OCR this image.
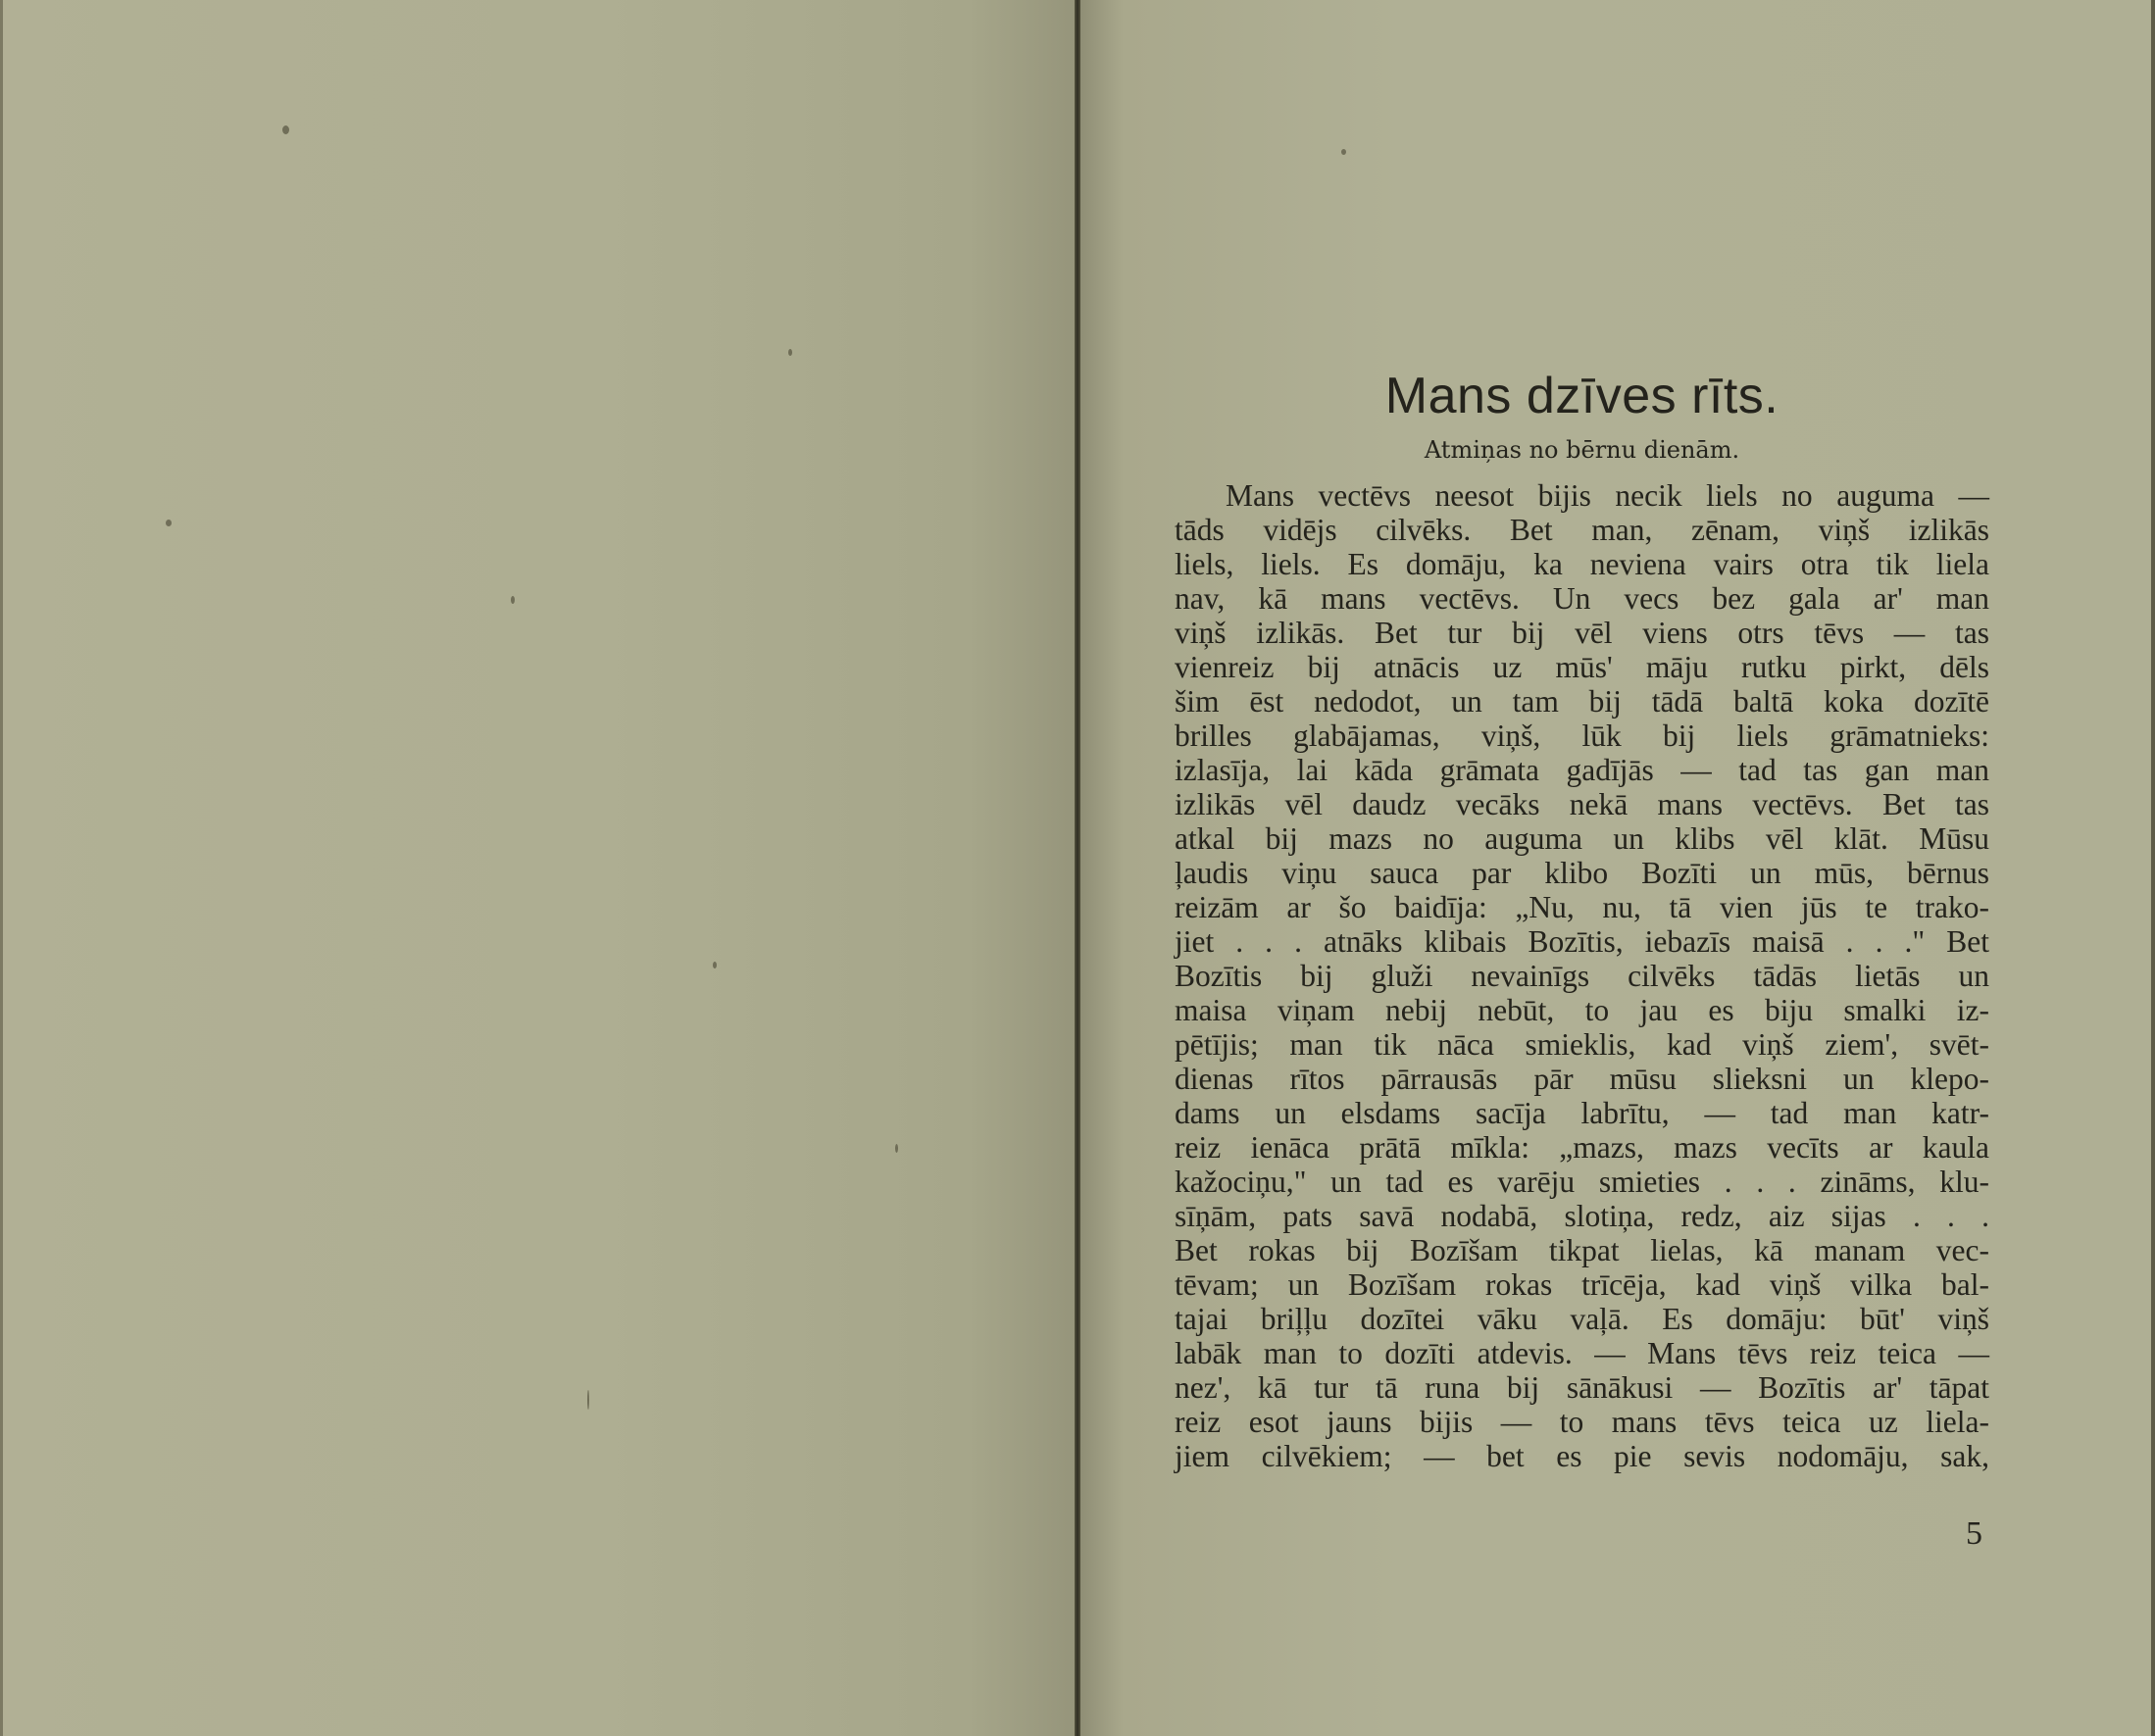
Mans dzīves rīts.
Atmiņas no bērnu dienām.
Mans vectēvs neesot bijis necik liels no auguma —
tāds vidējs cilvēks. Bet man, zēnam, viņš izlikās
liels, liels. Es domāju, ka neviena vairs otra tik liela
nav, kā mans vectēvs. Un vecs bez gala ar' man
viņš izlikās. Bet tur bij vēl viens otrs tēvs — tas
vienreiz bij atnācis uz mūs' māju rutku pirkt, dēls
šim ēst nedodot, un tam bij tādā baltā koka dozītē
brilles glabājamas, viņš, lūk bij liels grāmatnieks:
izlasīja, lai kāda grāmata gadījās — tad tas gan man
izlikās vēl daudz vecāks nekā mans vectēvs. Bet tas
atkal bij mazs no auguma un klibs vēl klāt. Mūsu
ļaudis viņu sauca par klibo Bozīti un mūs, bērnus
reizām ar šo baidīja: „Nu, nu, tā vien jūs te trako-
jiet . . . atnāks klibais Bozītis, iebazīs maisā . . ." Bet
Bozītis bij gluži nevainīgs cilvēks tādās lietās un
maisa viņam nebij nebūt, to jau es biju smalki iz-
pētījis; man tik nāca smieklis, kad viņš ziem', svēt-
dienas rītos pārrausās pār mūsu slieksni un klepo-
dams un elsdams sacīja labrītu, — tad man katr-
reiz ienāca prātā mīkla: „mazs, mazs vecīts ar kaula
kažociņu," un tad es varēju smieties . . . zināms, klu-
sīņām, pats savā nodabā, slotiņa, redz, aiz sijas . . .
Bet rokas bij Bozīšam tikpat lielas, kā manam vec-
tēvam; un Bozīšam rokas trīcēja, kad viņš vilka bal-
tajai briļļu dozītei vāku vaļā. Es domāju: būt' viņš
labāk man to dozīti atdevis. — Mans tēvs reiz teica —
nez', kā tur tā runa bij sānākusi — Bozītis ar' tāpat
reiz esot jauns bijis — to mans tēvs teica uz liela-
jiem cilvēkiem; — bet es pie sevis nodomāju, sak,
5
